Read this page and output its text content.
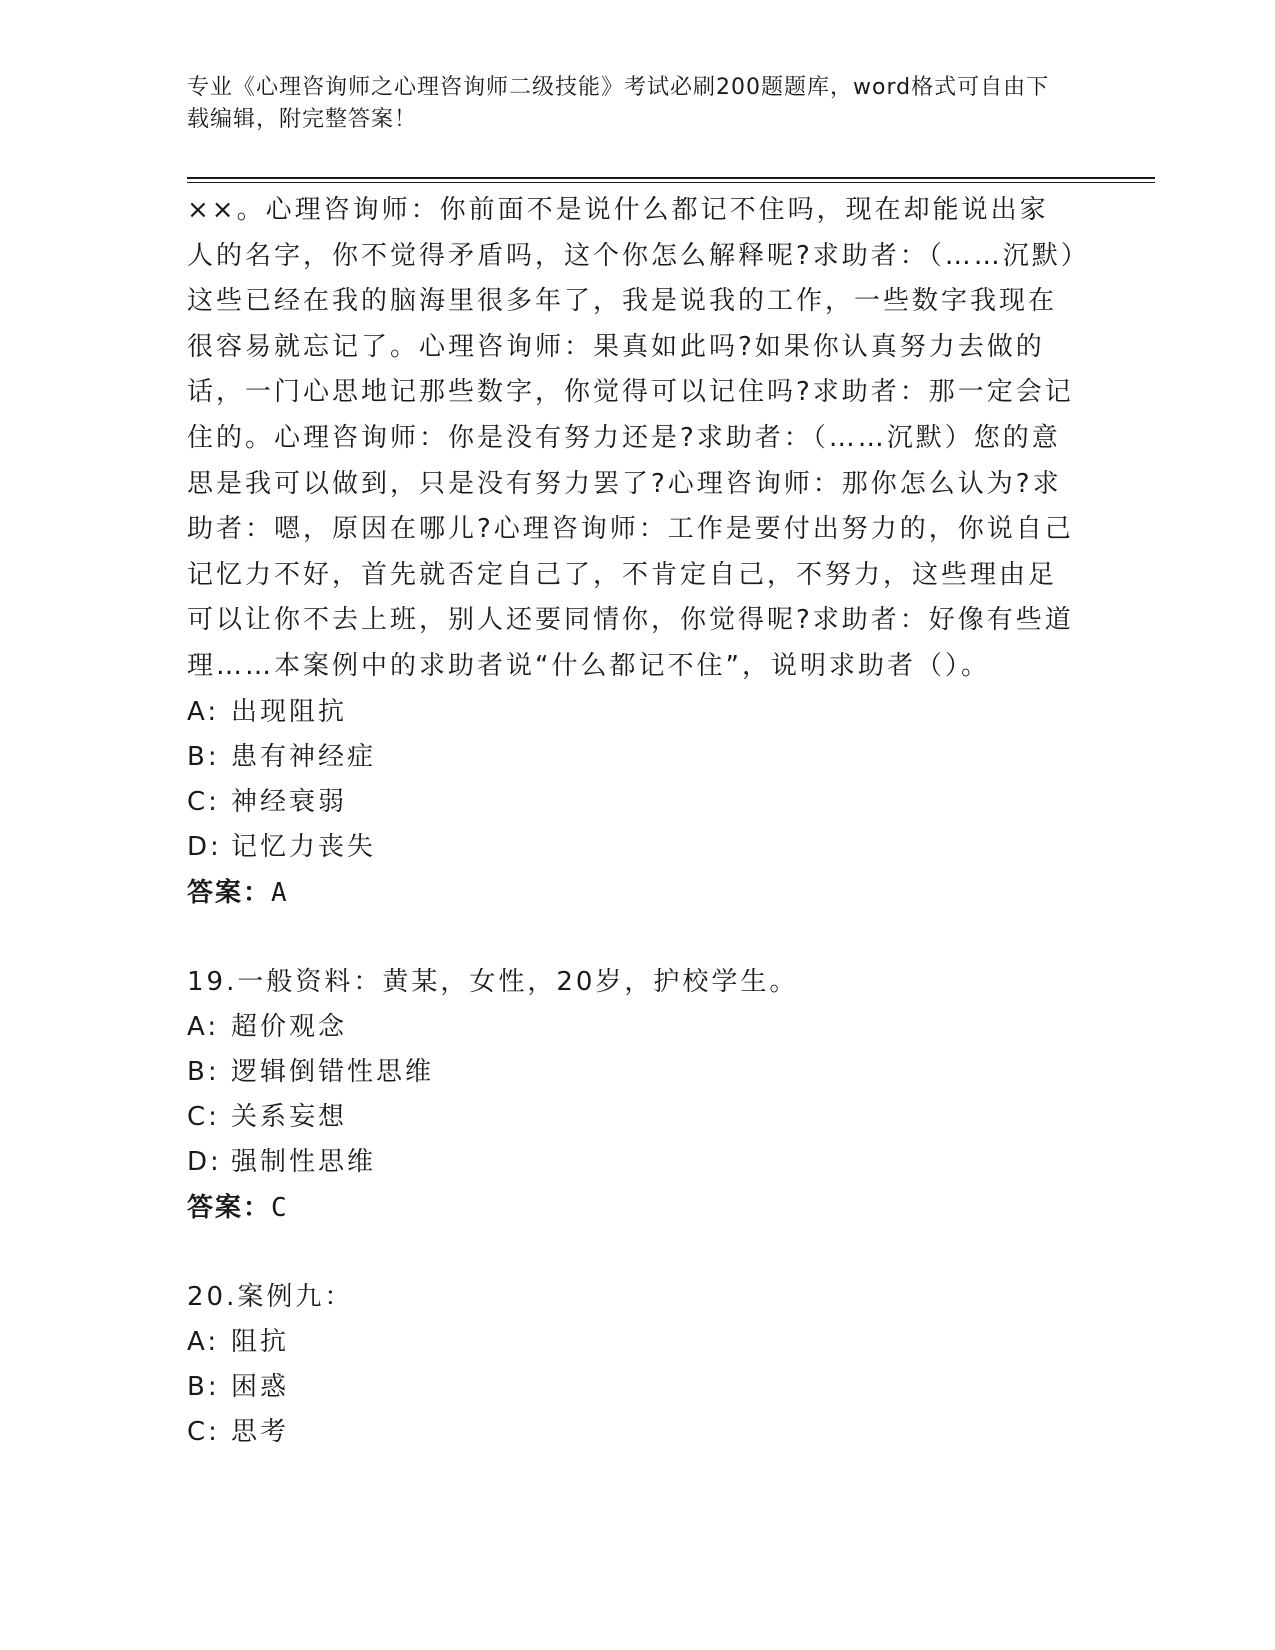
专业《心理咨询师之心理咨询师二级技能》考试必刷200题题库，word格式可自由下载编辑，附完整答案！

××。心理咨询师：你前面不是说什么都记不住吗，现在却能说出家人的名字，你不觉得矛盾吗，这个你怎么解释呢?求助者：（……沉默）这些已经在我的脑海里很多年了，我是说我的工作，一些数字我现在很容易就忘记了。心理咨询师：果真如此吗?如果你认真努力去做的话，一门心思地记那些数字，你觉得可以记住吗?求助者：那一定会记住的。心理咨询师：你是没有努力还是?求助者：（……沉默）您的意思是我可以做到，只是没有努力罢了?心理咨询师：那你怎么认为?求助者：嗯，原因在哪儿?心理咨询师：工作是要付出努力的，你说自己记忆力不好，首先就否定自己了，不肯定自己，不努力，这些理由足可以让你不去上班，别人还要同情你，你觉得呢?求助者：好像有些道理……本案例中的求助者说“什么都记不住”，说明求助者（）。

A: 出现阻抗
B: 患有神经症
C: 神经衰弱
D: 记忆力丧失
答案：A
19.一般资料：黄某，女性，20岁，护校学生。
A: 超价观念
B: 逻辑倒错性思维
C: 关系妄想
D: 强制性思维
答案：C
20.案例九：
A: 阻抗
B: 困惑
C: 思考
